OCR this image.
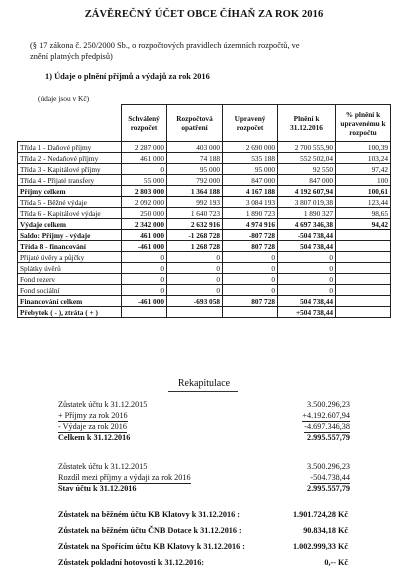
ZÁVĚREČNÝ ÚČET OBCE ČÍHAŇ ZA ROK 2016
(§ 17 zákona č. 250/2000 Sb., o rozpočtových pravidlech územních rozpočtů, ve
znění platných předpisů)
1) Údaje o plnění příjmů a výdajů za rok 2016
(údaje jsou v Kč)
	Schválený rozpočet	Rozpočtová opatření	Upravený rozpočet	Plnění k 31.12.2016	% plnění k upravenému k rozpočtu
Třída 1 - Daňové příjmy	2 287 000	403 000	2 690 000	2 700 555,90	100,39
Třída 2 - Nedaňové příjmy	461 000	74 188	535 188	552 502,04	103,24
Třída 3 - Kapitálové příjmy	0	95 000	95 000	92 550	97,42
Třída 4 - Přijaté transfery	55 000	792 000	847 000	847 000	100
Příjmy celkem	2 803 000	1 364 188	4 167 188	4 192 607,94	100,61
Třída 5 - Běžné výdaje	2 092 000	992 193	3 084 193	3 807 019,38	123,44
Třída 6 - Kapitálové výdaje	250 000	1 640 723	1 890 723	1 890 327	98,65
Výdaje celkem	2 342 000	2 632 916	4 974 916	4 697 346,38	94,42
Saldo: Příjmy - výdaje	461 000	-1 268 728	-807 728	-504 738,44	
Třída 8 - financování	-461 000	1 268 728	807 728	504 738,44	
Přijaté úvěry a půjčky	0	0	0	0	
Splátky úvěrů	0	0	0	0	
Fond rezerv	0	0	0	0	
Fond sociální	0	0	0	0	
Financování celkem	-461 000	-693 058	807 728	504 738,44	
Přebytek ( - ), ztráta ( + )				+504 738,44	
Rekapitulace
Zůstatek účtu k 31.12.2015	3.500.296,23
+ Příjmy za rok 2016	+4.192.607,94
- Výdaje za rok 2016	-4.697.346,38
Celkem k 31.12.2016	2.995.557,79
Zůstatek účtu k 31.12.2015	3.500.296,23
Rozdíl mezi příjmy a výdaji za rok 2016	-504.738,44
Stav účtu k 31.12.2016	2.995.557,79
Zůstatek na běžném účtu KB Klatovy k 31.12.2016 :	1.901.724,28 Kč
Zůstatek na běžném účtu ČNB Dotace k 31.12.2016 :	90.834,18 Kč
Zůstatek na Spořícím účtu KB Klatovy k 31.12.2016 :	1.002.999,33 Kč
Zůstatek pokladní hotovosti k 31.12.2016:	0,-- Kč
